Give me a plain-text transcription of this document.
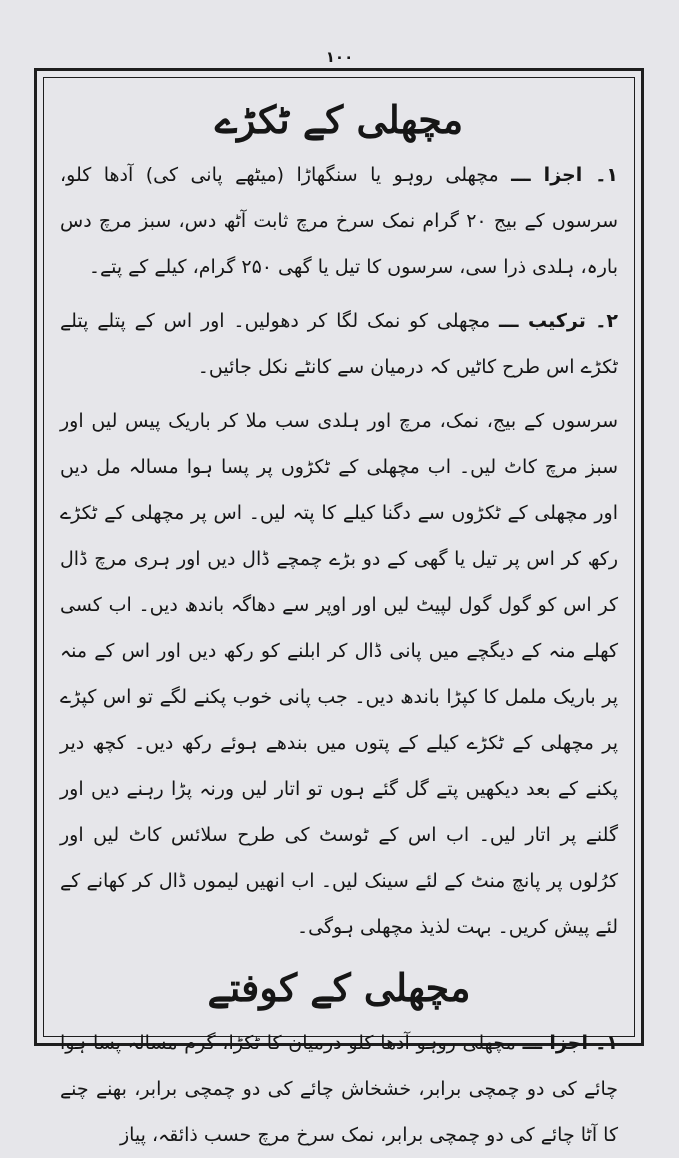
۱۰۰
مچھلی کے ٹکڑے

۱۔ اجزا ـــ مچھلی روہو یا سنگھاڑا (میٹھے پانی کی) آدھا کلو، سرسوں کے بیج ۲۰ گرام نمک سرخ مرچ ثابت آٹھ دس، سبز مرچ دس بارہ، ہلدی ذرا سی، سرسوں کا تیل یا گھی ۲۵۰ گرام، کیلے کے پتے۔

۲۔ ترکیب ـــ مچھلی کو نمک لگا کر دھولیں۔ اور اس کے پتلے پتلے ٹکڑے اس طرح کاٹیں کہ درمیان سے کانٹے نکل جائیں۔

سرسوں کے بیج، نمک، مرچ اور ہلدی سب ملا کر باریک پیس لیں اور سبز مرچ کاٹ لیں۔ اب مچھلی کے ٹکڑوں پر پسا ہوا مسالہ مل دیں اور مچھلی کے ٹکڑوں سے دگنا کیلے کا پتہ لیں۔ اس پر مچھلی کے ٹکڑے رکھ کر اس پر تیل یا گھی کے دو بڑے چمچے ڈال دیں اور ہری مرچ ڈال کر اس کو گول گول لپیٹ لیں اور اوپر سے دھاگہ باندھ دیں۔ اب کسی کھلے منہ کے دیگچے میں پانی ڈال کر ابلنے کو رکھ دیں اور اس کے منہ پر باریک ململ کا کپڑا باندھ دیں۔ جب پانی خوب پکنے لگے تو اس کپڑے پر مچھلی کے ٹکڑے کیلے کے پتوں میں بندھے ہوئے رکھ دیں۔ کچھ دیر پکنے کے بعد دیکھیں پتے گل گئے ہوں تو اتار لیں ورنہ پڑا رہنے دیں اور گلنے پر اتار لیں۔ اب اس کے ٹوسٹ کی طرح سلائس کاٹ لیں اور کرُلوں پر پانچ منٹ کے لئے سینک لیں۔ اب انھیں لیموں ڈال کر کھانے کے لئے پیش کریں۔ بہت لذیذ مچھلی ہوگی۔

مچھلی کے کوفتے

۱۔ اجزا ـــ مچھلی روہو آدھا کلو درمیان کا ٹکڑا، گرم مسالہ پسا ہوا چائے کی دو چمچی برابر، خشخاش چائے کی دو چمچی برابر، بھنے چنے کا آٹا چائے کی دو چمچی برابر، نمک سرخ مرچ حسب ذائقہ، پیاز
